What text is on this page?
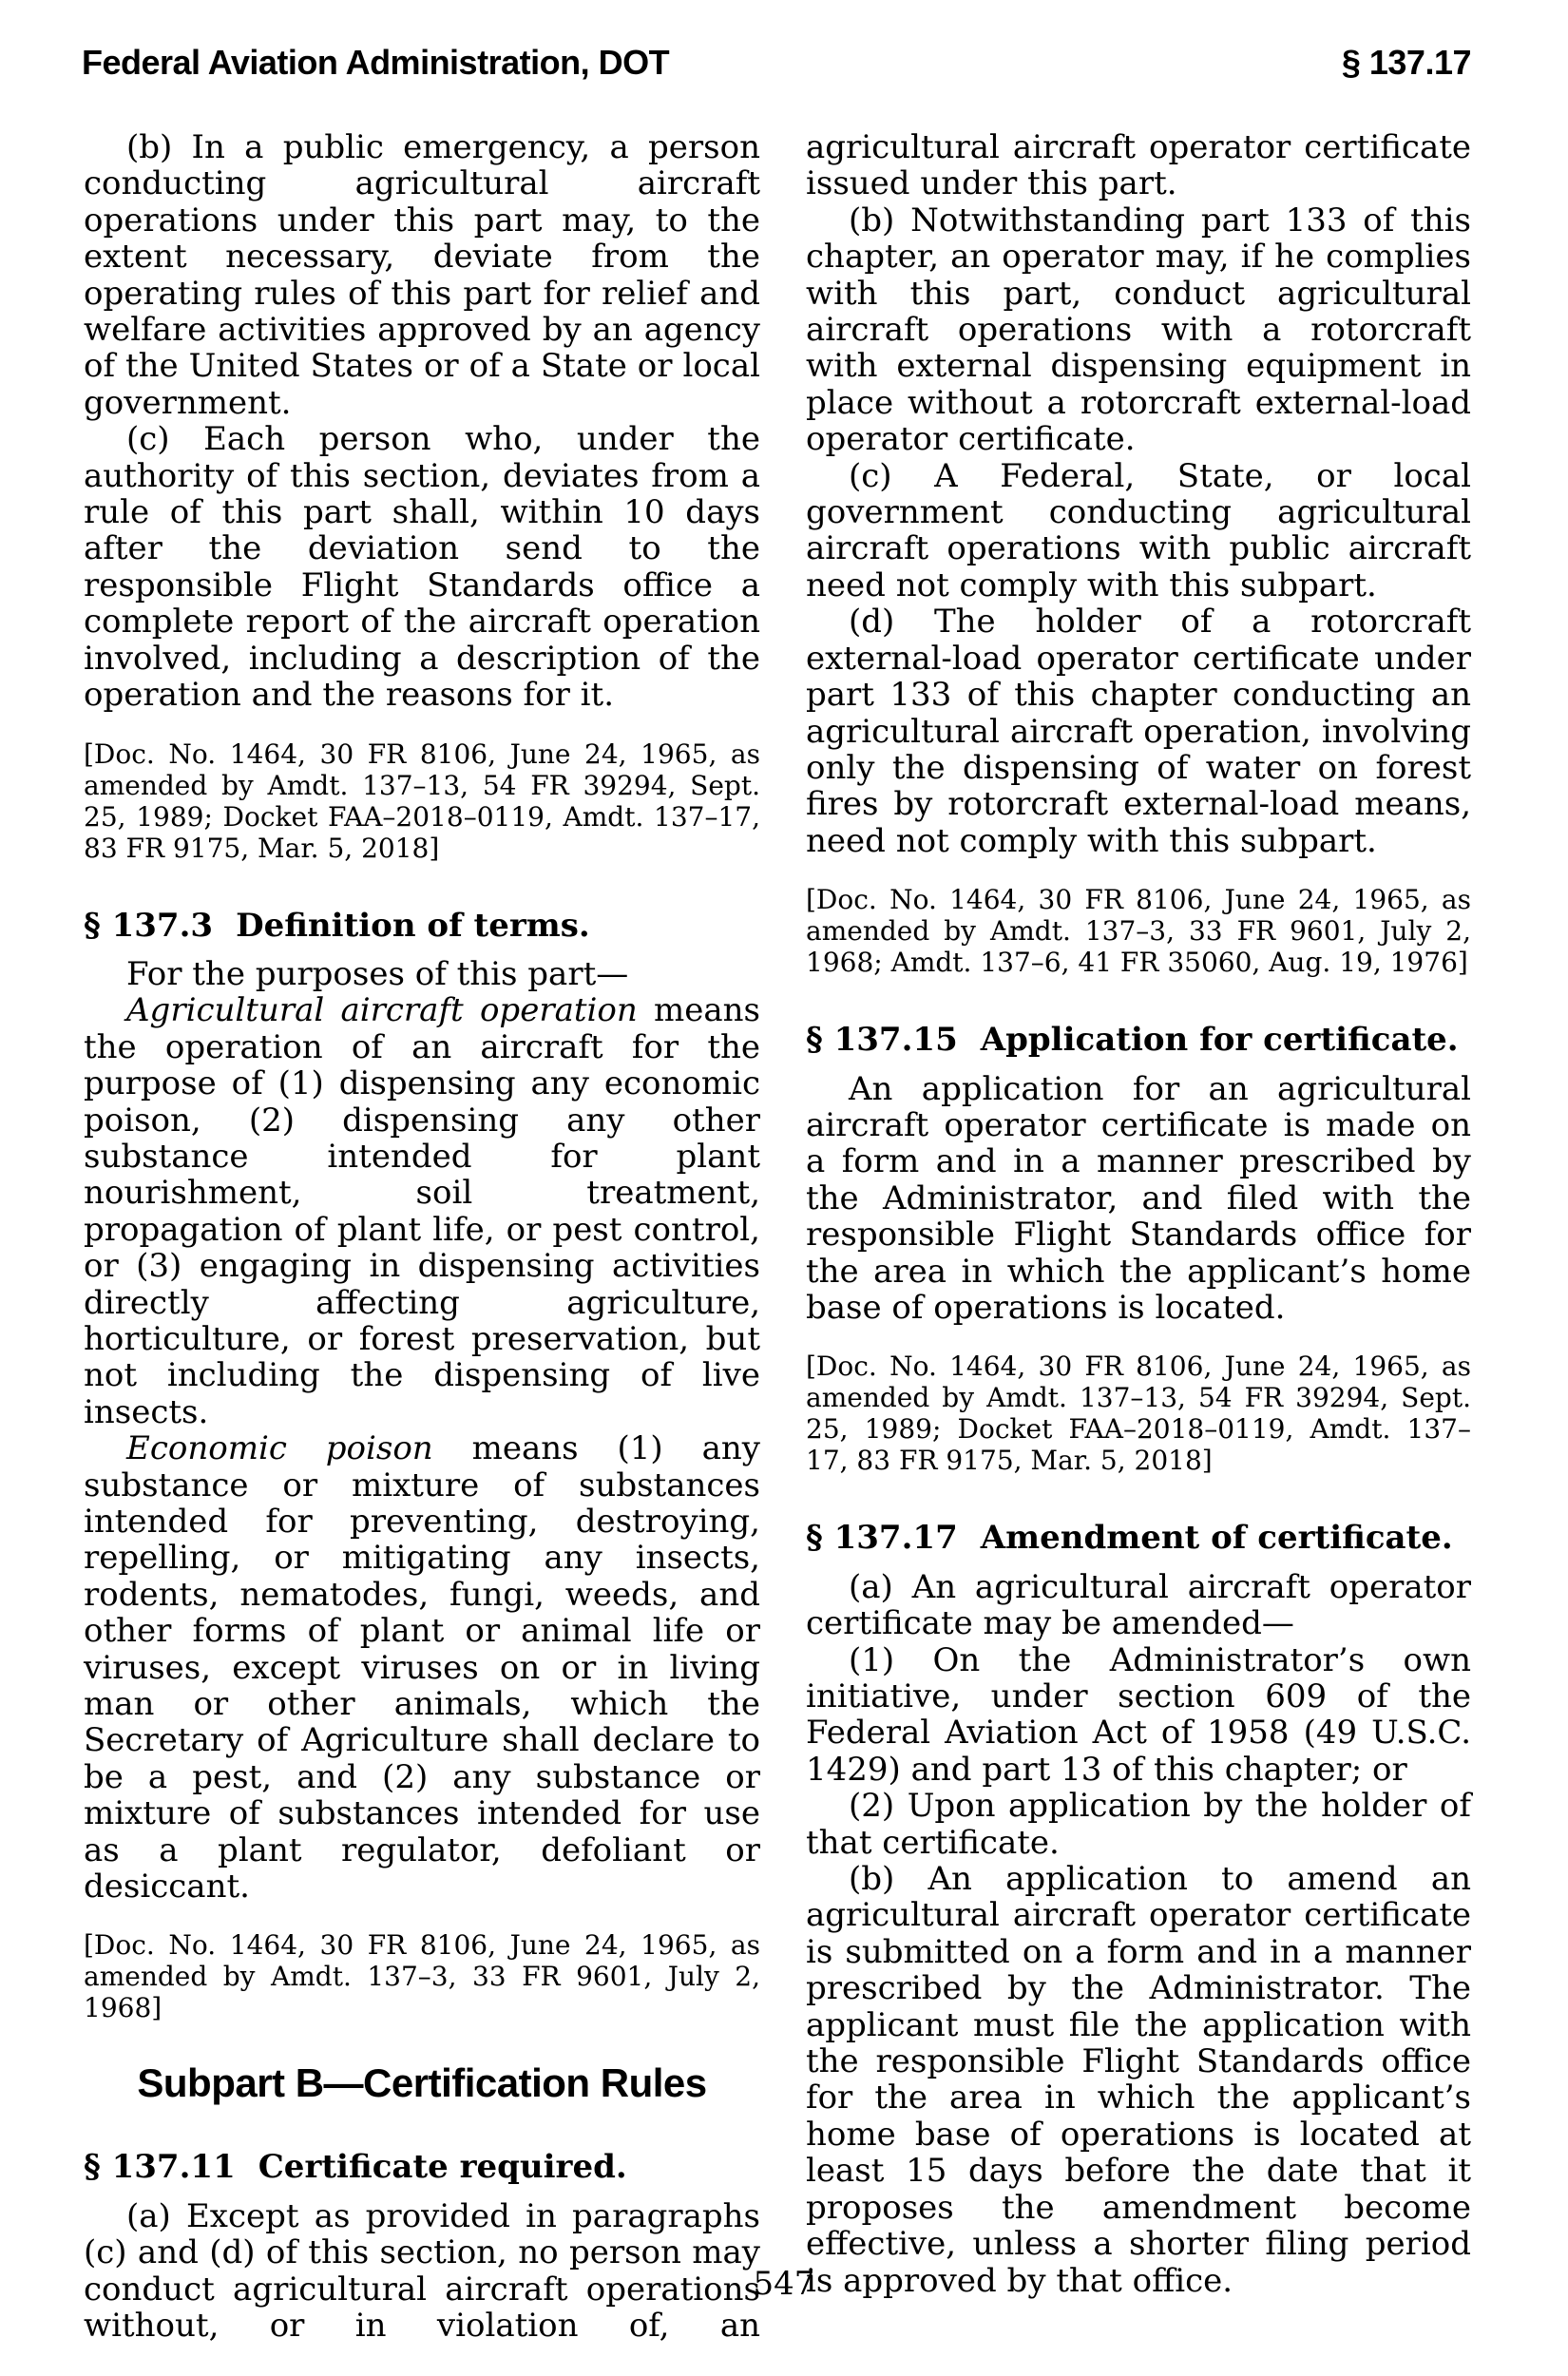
Federal Aviation Administration, DOT	§ 137.17

(b) In a public emergency, a person conducting agricultural aircraft operations under this part may, to the extent necessary, deviate from the operating rules of this part for relief and welfare activities approved by an agency of the United States or of a State or local government.

(c) Each person who, under the authority of this section, deviates from a rule of this part shall, within 10 days after the deviation send to the responsible Flight Standards office a complete report of the aircraft operation involved, including a description of the operation and the reasons for it.

[Doc. No. 1464, 30 FR 8106, June 24, 1965, as amended by Amdt. 137–13, 54 FR 39294, Sept. 25, 1989; Docket FAA–2018–0119, Amdt. 137–17, 83 FR 9175, Mar. 5, 2018]

§ 137.3 Definition of terms.

For the purposes of this part—

Agricultural aircraft operation means the operation of an aircraft for the purpose of (1) dispensing any economic poison, (2) dispensing any other substance intended for plant nourishment, soil treatment, propagation of plant life, or pest control, or (3) engaging in dispensing activities directly affecting agriculture, horticulture, or forest preservation, but not including the dispensing of live insects.

Economic poison means (1) any substance or mixture of substances intended for preventing, destroying, repelling, or mitigating any insects, rodents, nematodes, fungi, weeds, and other forms of plant or animal life or viruses, except viruses on or in living man or other animals, which the Secretary of Agriculture shall declare to be a pest, and (2) any substance or mixture of substances intended for use as a plant regulator, defoliant or desiccant.

[Doc. No. 1464, 30 FR 8106, June 24, 1965, as amended by Amdt. 137–3, 33 FR 9601, July 2, 1968]

Subpart B—Certification Rules
§ 137.11 Certificate required.

(a) Except as provided in paragraphs (c) and (d) of this section, no person may conduct agricultural aircraft operations without, or in violation of, an

agricultural aircraft operator certificate issued under this part.

(b) Notwithstanding part 133 of this chapter, an operator may, if he complies with this part, conduct agricultural aircraft operations with a rotorcraft with external dispensing equipment in place without a rotorcraft external-load operator certificate.

(c) A Federal, State, or local government conducting agricultural aircraft operations with public aircraft need not comply with this subpart.

(d) The holder of a rotorcraft external-load operator certificate under part 133 of this chapter conducting an agricultural aircraft operation, involving only the dispensing of water on forest fires by rotorcraft external-load means, need not comply with this subpart.

[Doc. No. 1464, 30 FR 8106, June 24, 1965, as amended by Amdt. 137–3, 33 FR 9601, July 2, 1968; Amdt. 137–6, 41 FR 35060, Aug. 19, 1976]

§ 137.15 Application for certificate.

An application for an agricultural aircraft operator certificate is made on a form and in a manner prescribed by the Administrator, and filed with the responsible Flight Standards office for the area in which the applicant’s home base of operations is located.

[Doc. No. 1464, 30 FR 8106, June 24, 1965, as amended by Amdt. 137–13, 54 FR 39294, Sept. 25, 1989; Docket FAA–2018–0119, Amdt. 137–17, 83 FR 9175, Mar. 5, 2018]

§ 137.17 Amendment of certificate.

(a) An agricultural aircraft operator certificate may be amended—

(1) On the Administrator’s own initiative, under section 609 of the Federal Aviation Act of 1958 (49 U.S.C. 1429) and part 13 of this chapter; or

(2) Upon application by the holder of that certificate.

(b) An application to amend an agricultural aircraft operator certificate is submitted on a form and in a manner prescribed by the Administrator. The applicant must file the application with the responsible Flight Standards office for the area in which the applicant’s home base of operations is located at least 15 days before the date that it proposes the amendment become effective, unless a shorter filing period is approved by that office.

547
